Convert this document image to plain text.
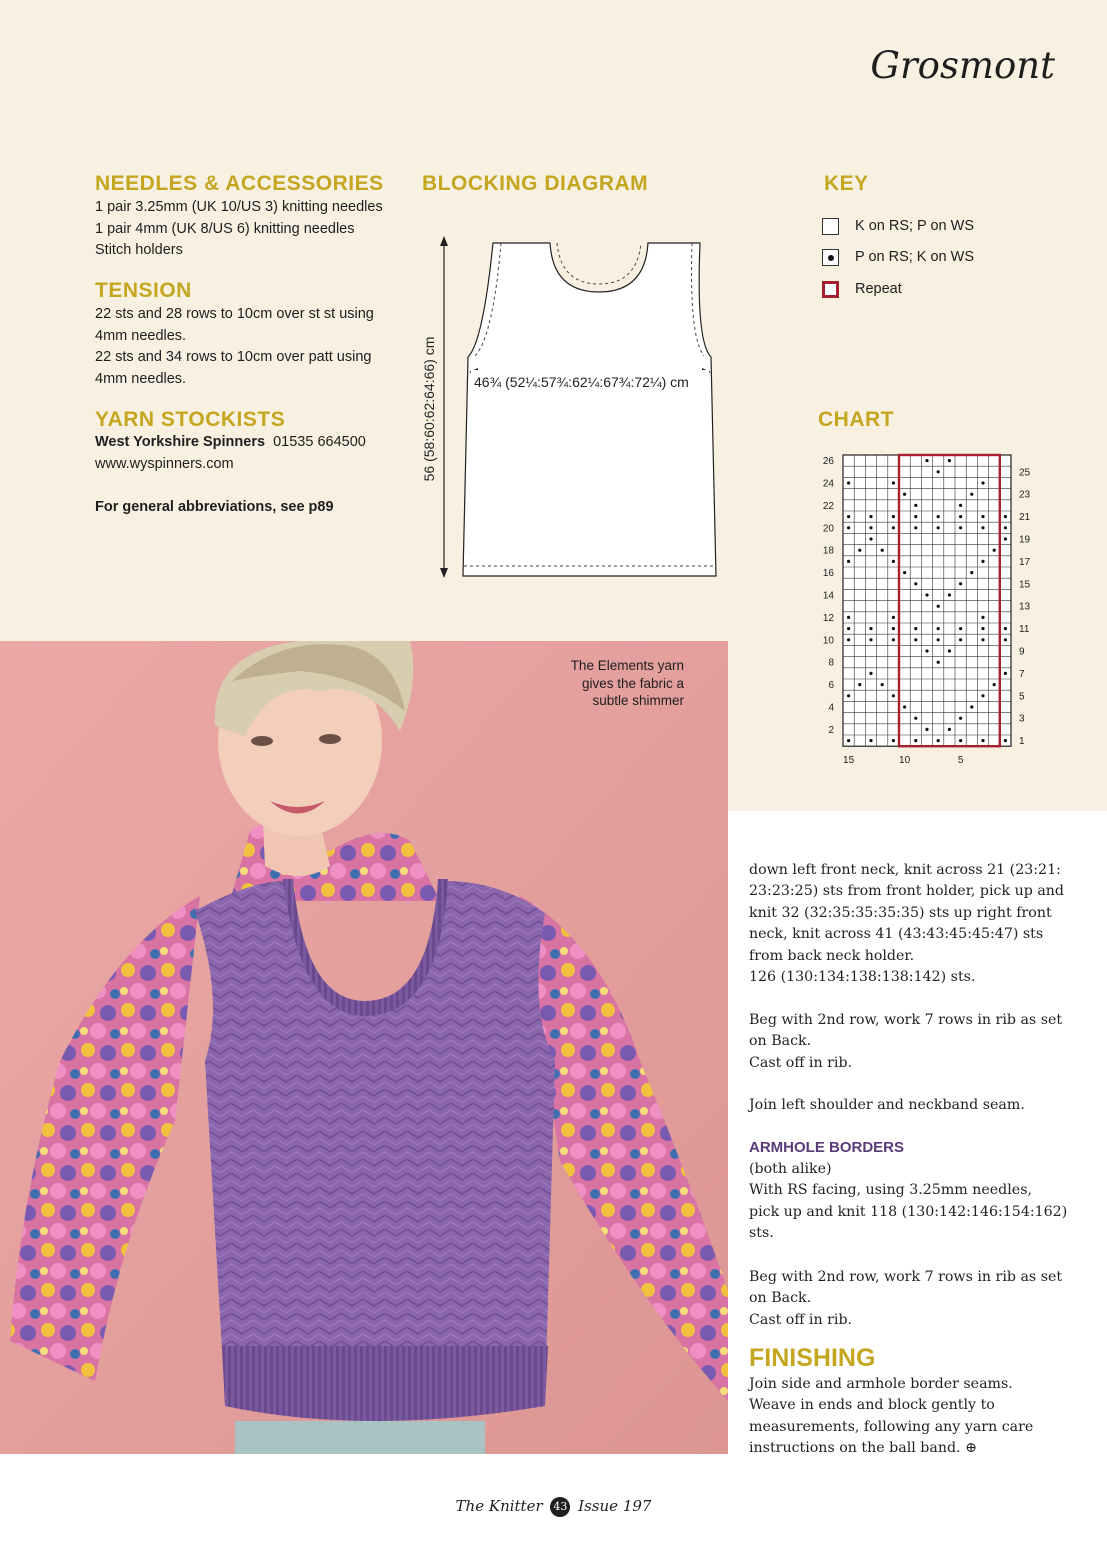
Grosmont
NEEDLES & ACCESSORIES
1 pair 3.25mm (UK 10/US 3) knitting needles
1 pair 4mm (UK 8/US 6) knitting needles
Stitch holders
TENSION
22 sts and 28 rows to 10cm over st st using
4mm needles.
22 sts and 34 rows to 10cm over patt using
4mm needles.
YARN STOCKISTS
West Yorkshire Spinners 01535 664500
www.wyspinners.com
For general abbreviations, see p89
BLOCKING DIAGRAM
46¾ (52¼:57¾:62¼:67¾:72¼) cm
56 (58:60:62:64:66) cm
KEY
K on RS; P on WS
P on RS; K on WS
Repeat
CHART
26
24
22
20
18
16
14
12
10
8
6
4
2
25
23
21
19
17
15
13
11
9
7
5
3
1
15	10	5
The Elements yarn
gives the fabric a
subtle shimmer
down left front neck, knit across 21 (23:21:
23:23:25) sts from front holder, pick up and
knit 32 (32:35:35:35:35) sts up right front
neck, knit across 41 (43:43:45:45:47) sts
from back neck holder.
126 (130:134:138:138:142) sts.
Beg with 2nd row, work 7 rows in rib as set
on Back.
Cast off in rib.
Join left shoulder and neckband seam.
ARMHOLE BORDERS
(both alike)
With RS facing, using 3.25mm needles,
pick up and knit 118 (130:142:146:154:162)
sts.
Beg with 2nd row, work 7 rows in rib as set
on Back.
Cast off in rib.
FINISHING
Join side and armhole border seams.
Weave in ends and block gently to
measurements, following any yarn care
instructions on the ball band. ⊕
The Knitter 43 Issue 197
